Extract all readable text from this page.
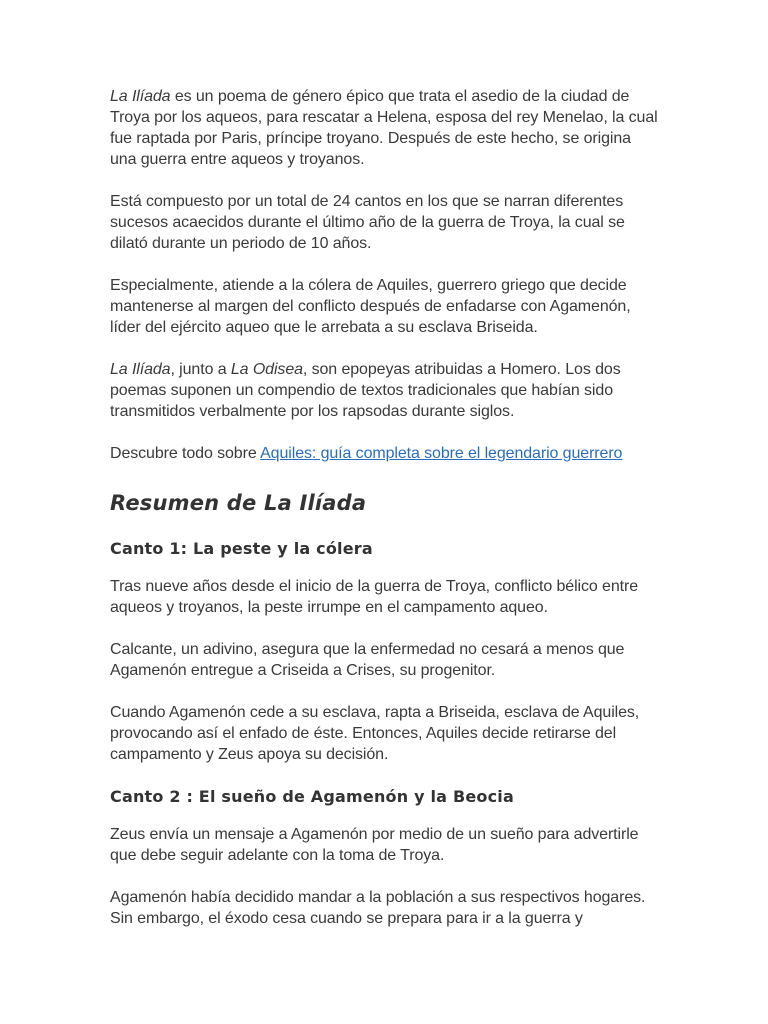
La Ilíada es un poema de género épico que trata el asedio de la ciudad de Troya por los aqueos, para rescatar a Helena, esposa del rey Menelao, la cual fue raptada por Paris, príncipe troyano. Después de este hecho, se origina una guerra entre aqueos y troyanos.

Está compuesto por un total de 24 cantos en los que se narran diferentes sucesos acaecidos durante el último año de la guerra de Troya, la cual se dilató durante un periodo de 10 años.

Especialmente, atiende a la cólera de Aquiles, guerrero griego que decide mantenerse al margen del conflicto después de enfadarse con Agamenón, líder del ejército aqueo que le arrebata a su esclava Briseida.

La Ilíada, junto a La Odisea, son epopeyas atribuidas a Homero. Los dos poemas suponen un compendio de textos tradicionales que habían sido transmitidos verbalmente por los rapsodas durante siglos.

Descubre todo sobre Aquiles: guía completa sobre el legendario guerrero

Resumen de La Ilíada
Canto 1: La peste y la cólera

Tras nueve años desde el inicio de la guerra de Troya, conflicto bélico entre aqueos y troyanos, la peste irrumpe en el campamento aqueo.

Calcante, un adivino, asegura que la enfermedad no cesará a menos que Agamenón entregue a Criseida a Crises, su progenitor.

Cuando Agamenón cede a su esclava, rapta a Briseida, esclava de Aquiles, provocando así el enfado de éste. Entonces, Aquiles decide retirarse del campamento y Zeus apoya su decisión.

Canto 2 : El sueño de Agamenón y la Beocia

Zeus envía un mensaje a Agamenón por medio de un sueño para advertirle que debe seguir adelante con la toma de Troya.

Agamenón había decidido mandar a la población a sus respectivos hogares. Sin embargo, el éxodo cesa cuando se prepara para ir a la guerra y
